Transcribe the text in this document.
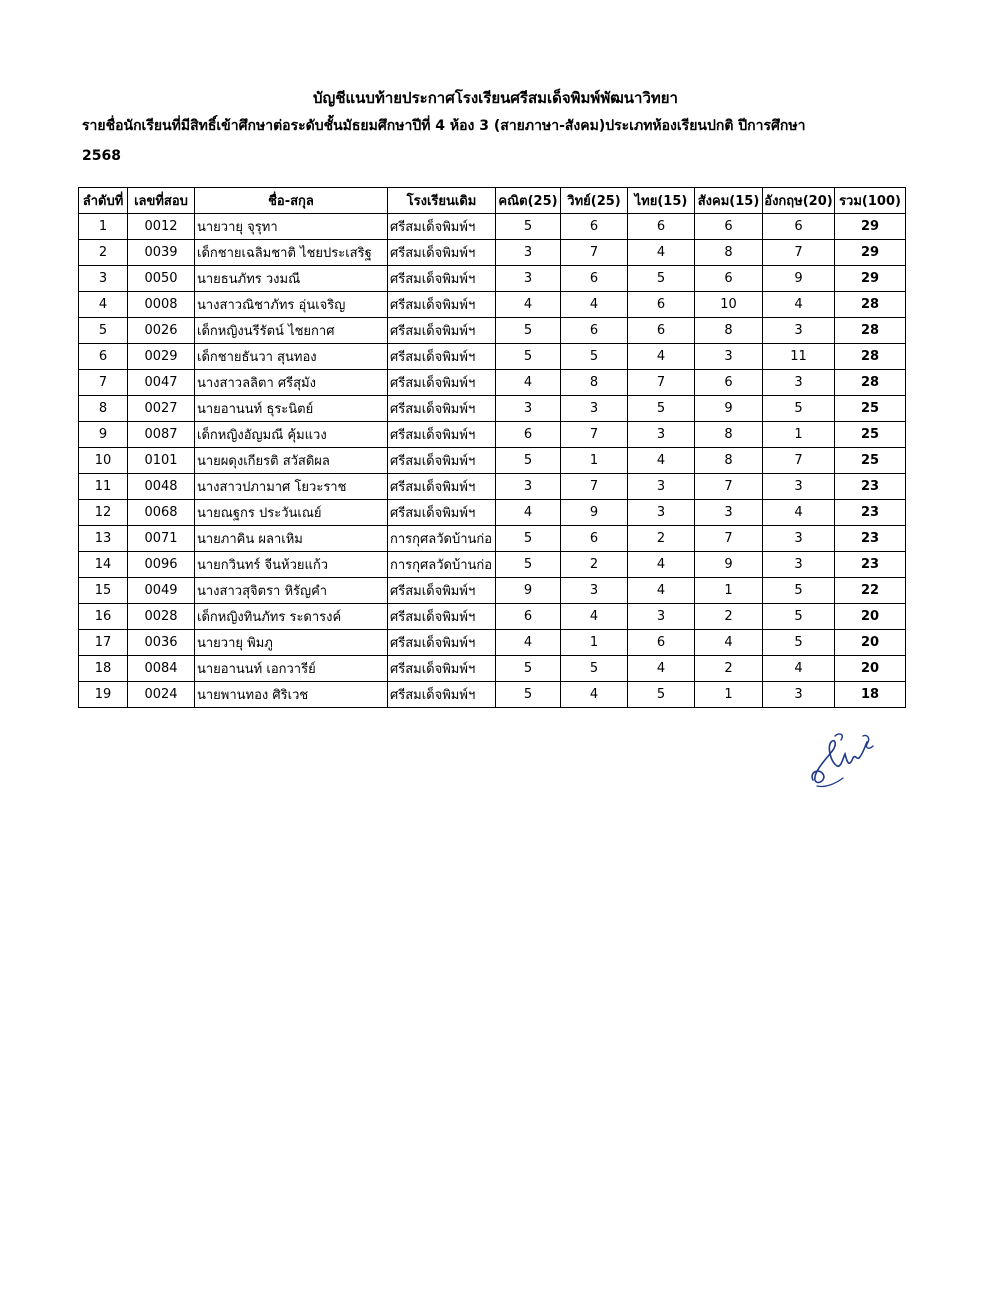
บัญชีแนบท้ายประกาศโรงเรียนศรีสมเด็จพิมพ์พัฒนาวิทยา
รายชื่อนักเรียนที่มีสิทธิ์เข้าศึกษาต่อระดับชั้นมัธยมศึกษาปีที่ 4 ห้อง 3 (สายภาษา-สังคม)ประเภทห้องเรียนปกติ ปีการศึกษา
2568
ลำดับที่	เลขที่สอบ	ชื่อ-สกุล	โรงเรียนเดิม	คณิต(25)	วิทย์(25)	ไทย(15)	สังคม(15)	อังกฤษ(20)	รวม(100)
1	0012	นายวายุ จุรุทา	ศรีสมเด็จพิมพ์ฯ	5	6	6	6	6	29
2	0039	เด็กชายเฉลิมชาติ ไชยประเสริฐ	ศรีสมเด็จพิมพ์ฯ	3	7	4	8	7	29
3	0050	นายธนภัทร วงมณี	ศรีสมเด็จพิมพ์ฯ	3	6	5	6	9	29
4	0008	นางสาวณิชาภัทร อุ่นเจริญ	ศรีสมเด็จพิมพ์ฯ	4	4	6	10	4	28
5	0026	เด็กหญิงนรีรัตน์ ไชยกาศ	ศรีสมเด็จพิมพ์ฯ	5	6	6	8	3	28
6	0029	เด็กชายธันวา สุนทอง	ศรีสมเด็จพิมพ์ฯ	5	5	4	3	11	28
7	0047	นางสาวลลิตา ศรีสุมัง	ศรีสมเด็จพิมพ์ฯ	4	8	7	6	3	28
8	0027	นายอานนท์ ธุระนิตย์	ศรีสมเด็จพิมพ์ฯ	3	3	5	9	5	25
9	0087	เด็กหญิงอัญมณี คุ้มแวง	ศรีสมเด็จพิมพ์ฯ	6	7	3	8	1	25
10	0101	นายผดุงเกียรติ สวัสดิผล	ศรีสมเด็จพิมพ์ฯ	5	1	4	8	7	25
11	0048	นางสาวปภามาศ โยวะราช	ศรีสมเด็จพิมพ์ฯ	3	7	3	7	3	23
12	0068	นายณฐกร ประวันเณย์	ศรีสมเด็จพิมพ์ฯ	4	9	3	3	4	23
13	0071	นายภาคิน ผลาเหิม	การกุศลวัดบ้านก่อ	5	6	2	7	3	23
14	0096	นายกวินทร์ จีนห้วยแก้ว	การกุศลวัดบ้านก่อ	5	2	4	9	3	23
15	0049	นางสาวสุจิตรา หิรัญคำ	ศรีสมเด็จพิมพ์ฯ	9	3	4	1	5	22
16	0028	เด็กหญิงทินภัทร ระดารงค์	ศรีสมเด็จพิมพ์ฯ	6	4	3	2	5	20
17	0036	นายวายุ พิมภู	ศรีสมเด็จพิมพ์ฯ	4	1	6	4	5	20
18	0084	นายอานนท์ เอกวารีย์	ศรีสมเด็จพิมพ์ฯ	5	5	4	2	4	20
19	0024	นายพานทอง ศิริเวช	ศรีสมเด็จพิมพ์ฯ	5	4	5	1	3	18
